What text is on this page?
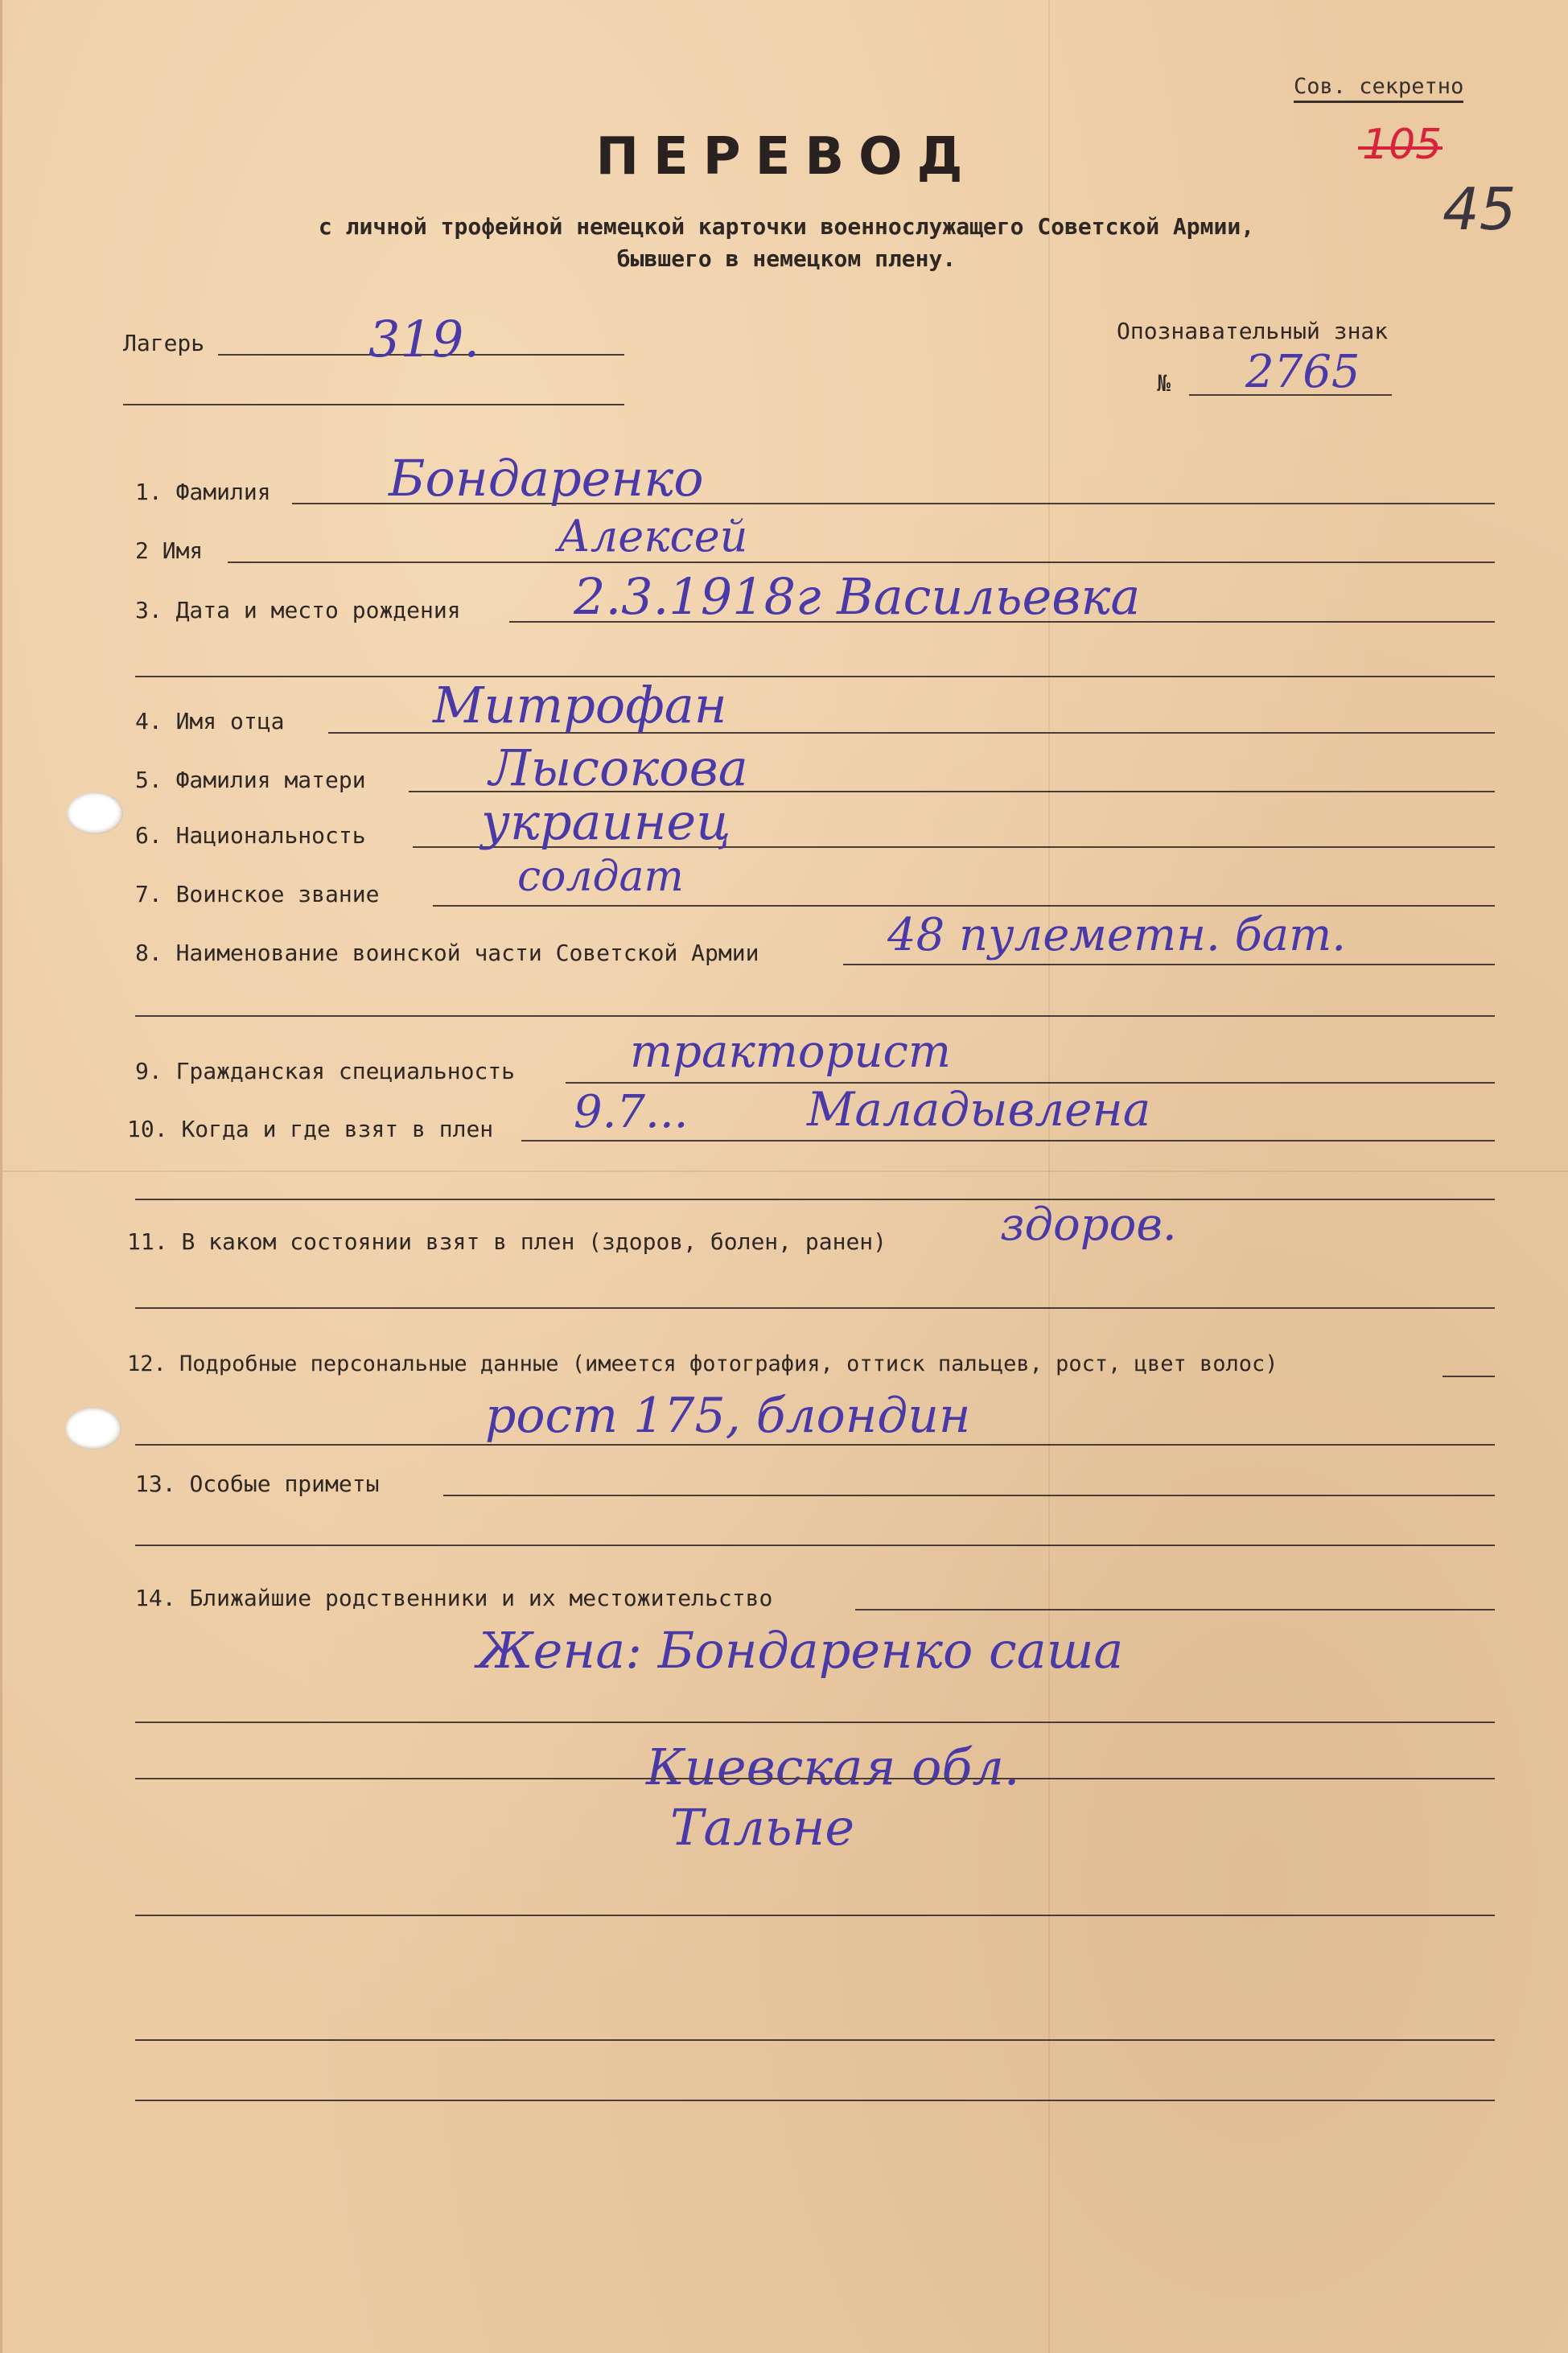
Сов. секретно
105
45
ПЕРЕВОД
с личной трофейной немецкой карточки военнослужащего Советской Армии,
бывшего в немецком плену.
Лагерь	319.	Опознавательный знак
№ 2765
1. Фамилия Бондаренко
2 Имя	Алексей
3. Дата и место рождения 2.3.1918г Васильевка
4. Имя отца	Митрофан
5. Фамилия матери Лысокова
6. Национальность украинец
7. Воинское звание	солдат
8. Наименование воинской части Советской Армии	48 пулеметн. бат.
9. Гражданская специальность	тракторист
10. Когда и где взят в плен 9.7...	Маладывлена
11. В каком состоянии взят в плен (здоров, болен, ранен)	здоров.
12. Подробные персональные данные (имеется фотография, оттиск пальцев, рост, цвет волос)
рост 175, блондин
13. Особые приметы
14. Ближайшие родственники и их местожительство
Жена: Бондаренко саша
Киевская обл.
Тальне
